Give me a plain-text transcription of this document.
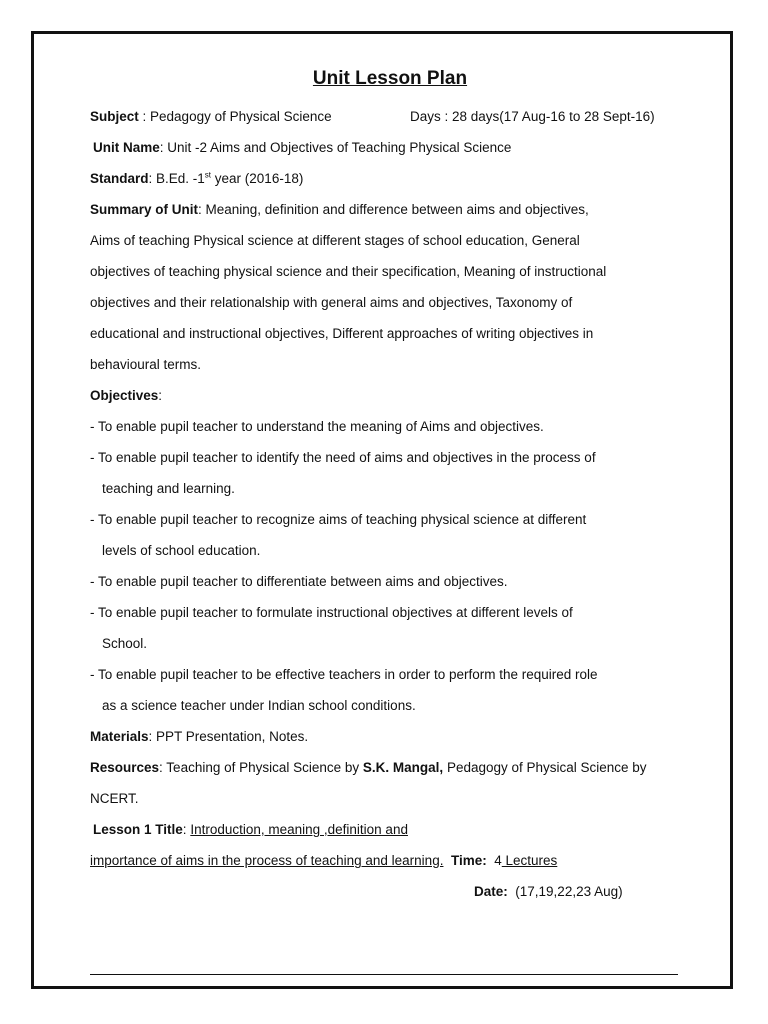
Unit Lesson Plan
Subject : Pedagogy of Physical Science	Days : 28 days(17 Aug-16 to 28 Sept-16)
Unit Name: Unit -2 Aims and Objectives of Teaching Physical Science
Standard: B.Ed. -1st year (2016-18)
Summary of Unit: Meaning, definition and difference between aims and objectives,
Aims of teaching Physical science at different stages of school education, General
objectives of teaching physical science and their specification, Meaning of instructional
objectives and their relationalship with general aims and objectives, Taxonomy of
educational and instructional objectives, Different approaches of writing objectives in
behavioural terms.
Objectives:
- To enable pupil teacher to understand the meaning of Aims and objectives.
- To enable pupil teacher to identify the need of aims and objectives in the process of
teaching and learning.
- To enable pupil teacher to recognize aims of teaching physical science at different
levels of school education.
- To enable pupil teacher to differentiate between aims and objectives.
- To enable pupil teacher to formulate instructional objectives at different levels of
School.
- To enable pupil teacher to be effective teachers in order to perform the required role
as a science teacher under Indian school conditions.
Materials: PPT Presentation, Notes.
Resources: Teaching of Physical Science by S.K. Mangal, Pedagogy of Physical Science by
NCERT.
Lesson 1 Title: Introduction, meaning ,definition and
importance of aims in the process of teaching and learning. Time: 4 Lectures
Date: (17,19,22,23 Aug)
